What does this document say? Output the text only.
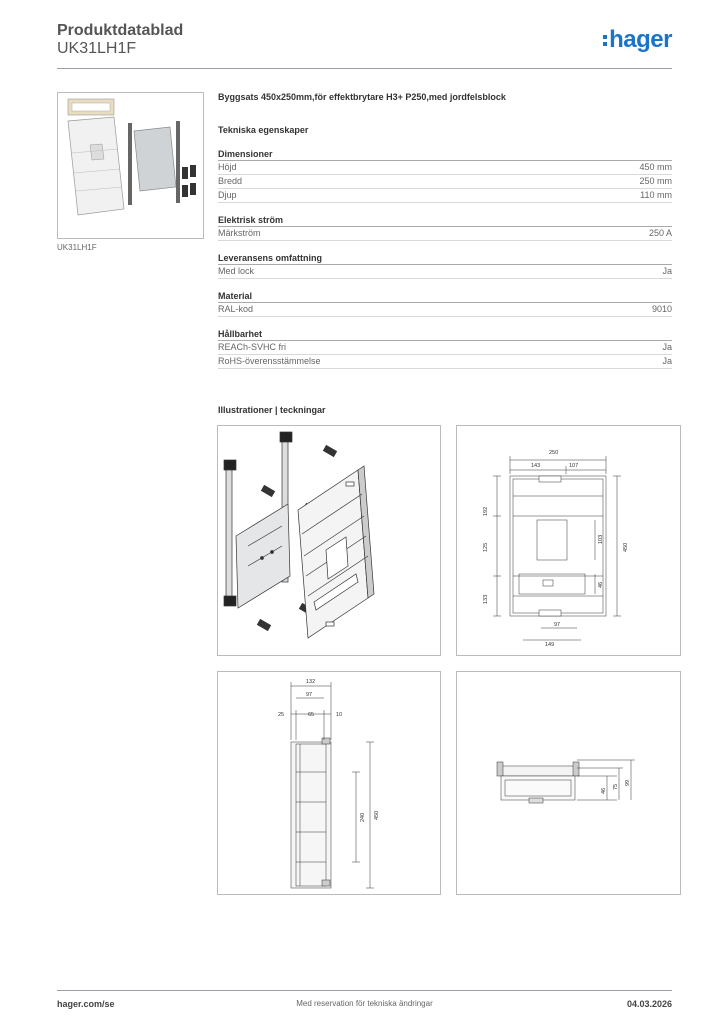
Produktdatablad
UK31LH1F	hager
UK31LH1F
Byggsats 450x250mm,för effektbrytare H3+ P250,med jordfelsblock
Tekniska egenskaper
Dimensioner
Höjd	450 mm
Bredd	250 mm
Djup	110 mm
Elektrisk ström
Märkström	250 A
Leveransens omfattning
Med lock	Ja
Material
RAL-kod	9010
Hållbarhet
REACh-SVHC fri	Ja
RoHS-överensstämmelse	Ja
Illustrationer | teckningar
250
143	107
192
125
133
103
46
450
97
149
132
97
25	65	10
240 450
46
75
99
hager.com/se	Med reservation för tekniska ändringar	04.03.2026
